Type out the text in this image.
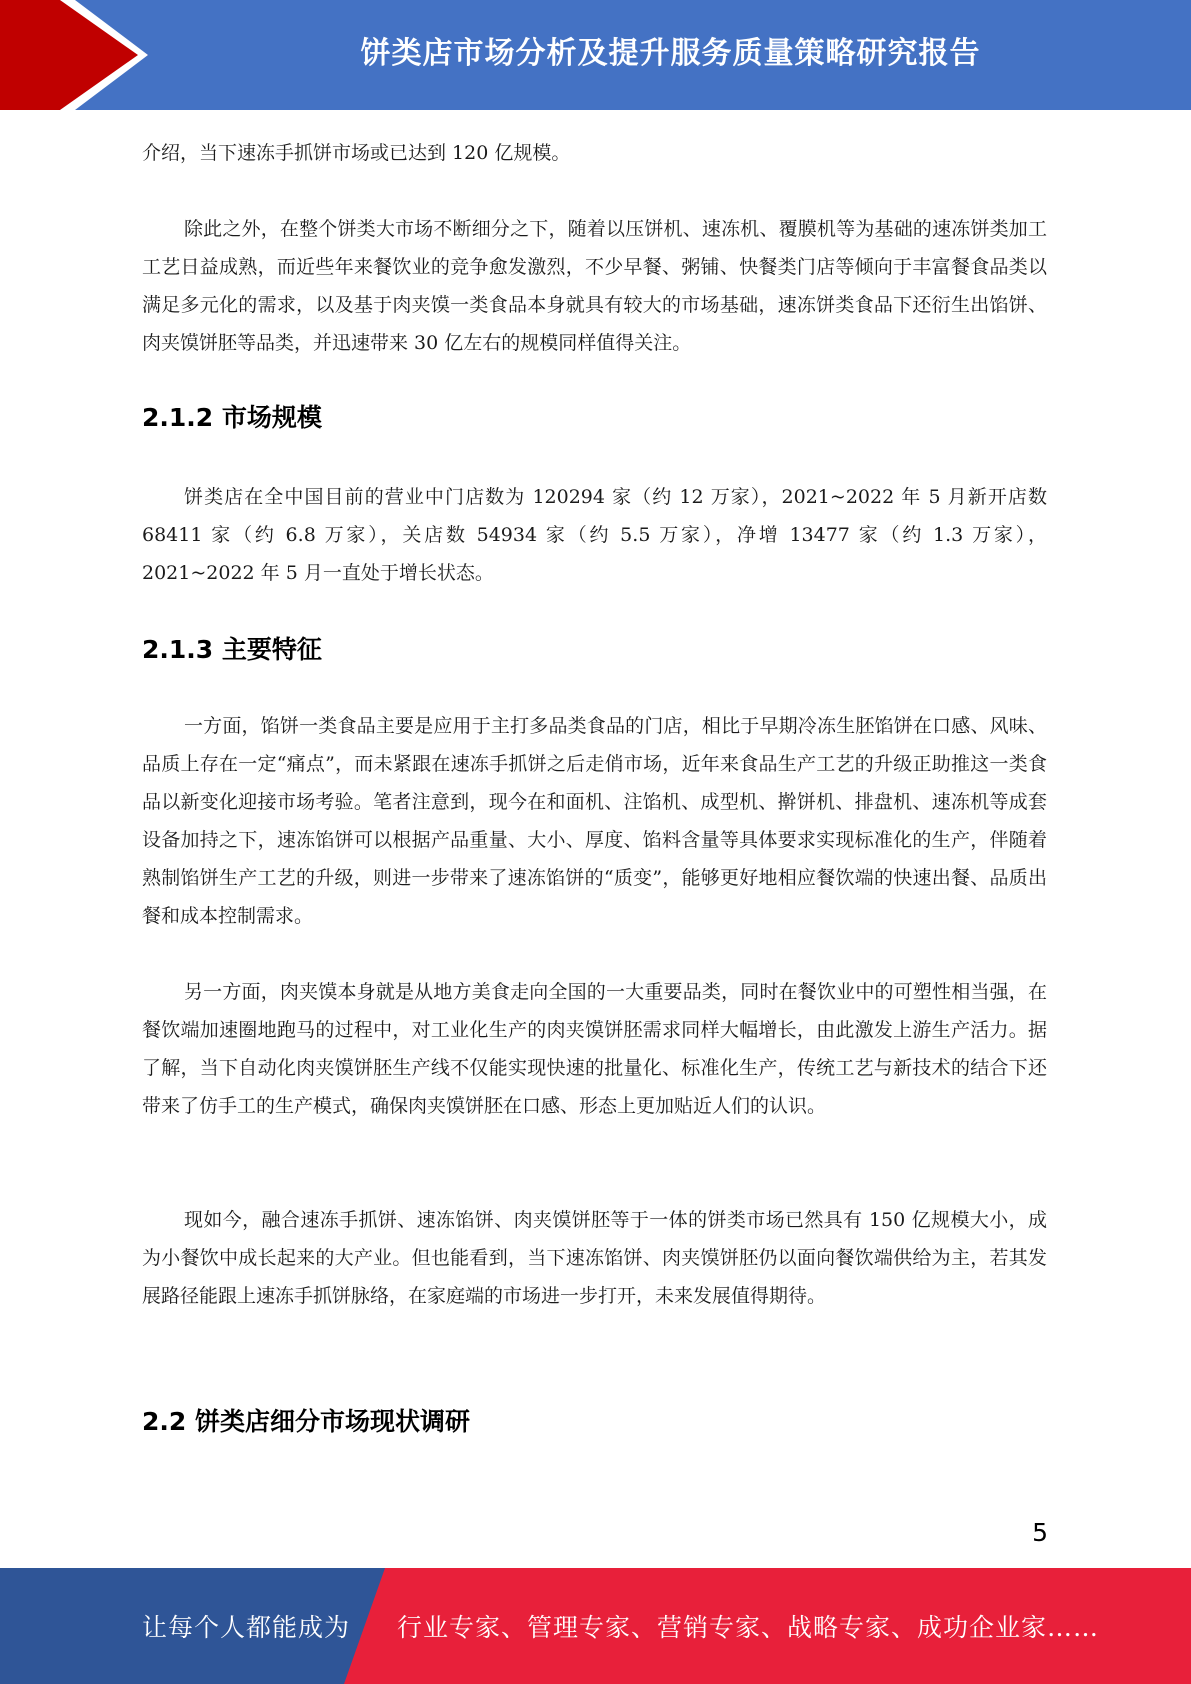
饼类店市场分析及提升服务质量策略研究报告

介绍，当下速冻手抓饼市场或已达到 120 亿规模。

除此之外，在整个饼类大市场不断细分之下，随着以压饼机、速冻机、覆膜机等为基础的速冻饼类加工工艺日益成熟，而近些年来餐饮业的竞争愈发激烈，不少早餐、粥铺、快餐类门店等倾向于丰富餐食品类以满足多元化的需求，以及基于肉夹馍一类食品本身就具有较大的市场基础，速冻饼类食品下还衍生出馅饼、肉夹馍饼胚等品类，并迅速带来 30 亿左右的规模同样值得关注。

2.1.2 市场规模

饼类店在全中国目前的营业中门店数为 120294 家（约 12 万家），2021~2022 年 5 月新开店数 68411 家（约 6.8 万家），关店数 54934 家（约 5.5 万家），净增 13477 家（约 1.3 万家），2021~2022 年 5 月一直处于增长状态。

2.1.3 主要特征

一方面，馅饼一类食品主要是应用于主打多品类食品的门店，相比于早期冷冻生胚馅饼在口感、风味、品质上存在一定“痛点”，而未紧跟在速冻手抓饼之后走俏市场，近年来食品生产工艺的升级正助推这一类食品以新变化迎接市场考验。笔者注意到，现今在和面机、注馅机、成型机、擀饼机、排盘机、速冻机等成套设备加持之下，速冻馅饼可以根据产品重量、大小、厚度、馅料含量等具体要求实现标准化的生产，伴随着熟制馅饼生产工艺的升级，则进一步带来了速冻馅饼的“质变”，能够更好地相应餐饮端的快速出餐、品质出餐和成本控制需求。

另一方面，肉夹馍本身就是从地方美食走向全国的一大重要品类，同时在餐饮业中的可塑性相当强，在餐饮端加速圈地跑马的过程中，对工业化生产的肉夹馍饼胚需求同样大幅增长，由此激发上游生产活力。据了解，当下自动化肉夹馍饼胚生产线不仅能实现快速的批量化、标准化生产，传统工艺与新技术的结合下还带来了仿手工的生产模式，确保肉夹馍饼胚在口感、形态上更加贴近人们的认识。

现如今，融合速冻手抓饼、速冻馅饼、肉夹馍饼胚等于一体的饼类市场已然具有 150 亿规模大小，成为小餐饮中成长起来的大产业。但也能看到，当下速冻馅饼、肉夹馍饼胚仍以面向餐饮端供给为主，若其发展路径能跟上速冻手抓饼脉络，在家庭端的市场进一步打开，未来发展值得期待。

2.2 饼类店细分市场现状调研
5
让每个人都能成为 行业专家、管理专家、营销专家、战略专家、成功企业家……
